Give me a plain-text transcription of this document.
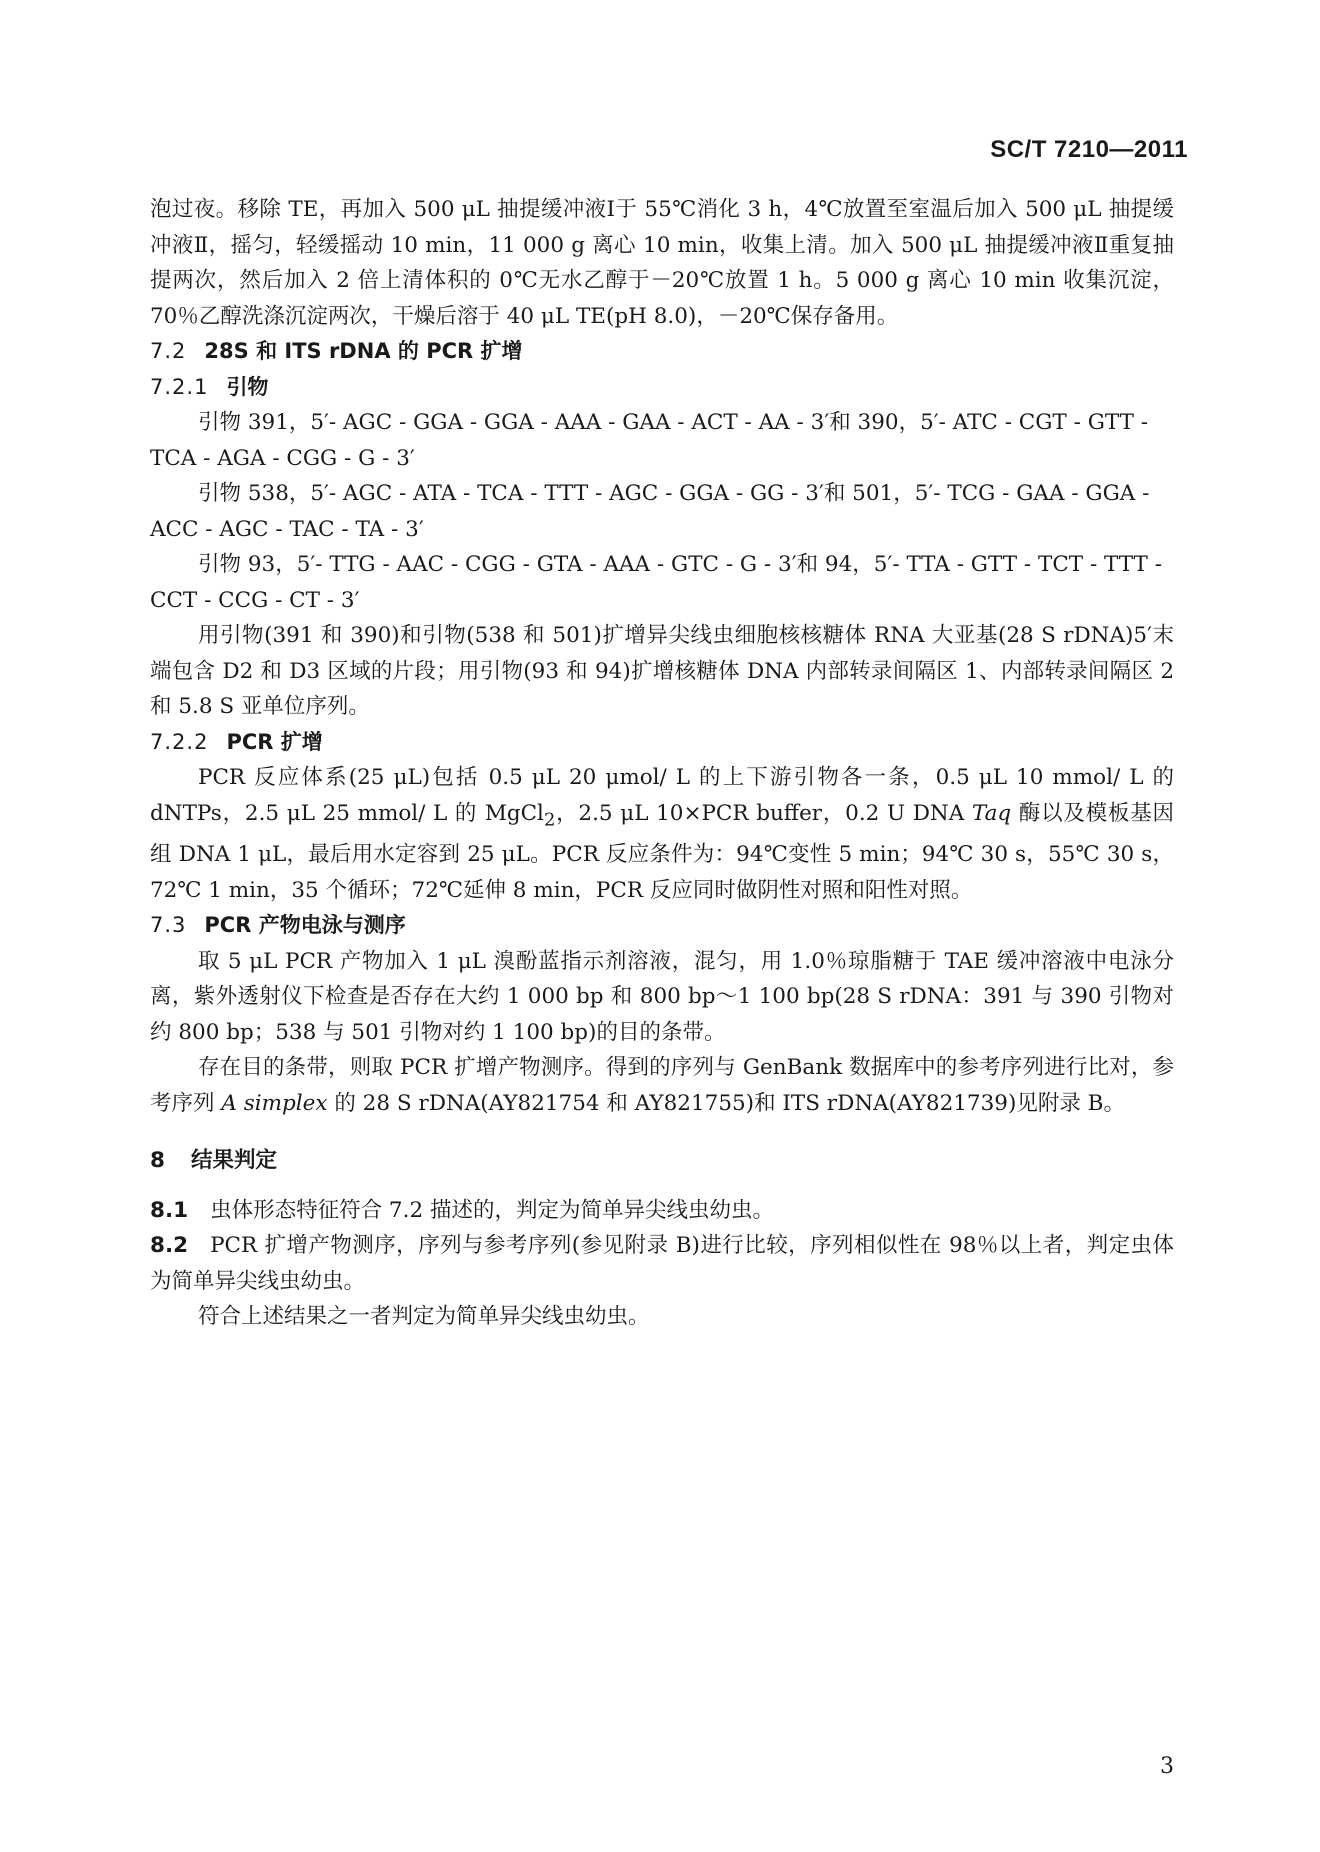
SC/T 7210—2011

泡过夜。移除 TE，再加入 500 μL 抽提缓冲液Ⅰ于 55℃消化 3 h，4℃放置至室温后加入 500 μL 抽提缓冲液Ⅱ，摇匀，轻缓摇动 10 min，11 000 g 离心 10 min，收集上清。加入 500 μL 抽提缓冲液Ⅱ重复抽提两次，然后加入 2 倍上清体积的 0℃无水乙醇于－20℃放置 1 h。5 000 g 离心 10 min 收集沉淀，70％乙醇洗涤沉淀两次，干燥后溶于 40 μL TE(pH 8.0)，－20℃保存备用。

7.2 28S 和 ITS rDNA 的 PCR 扩增
7.2.1 引物

引物 391，5′- AGC - GGA - GGA - AAA - GAA - ACT - AA - 3′和 390，5′- ATC - CGT - GTT -

TCA - AGA - CGG - G - 3′

引物 538，5′- AGC - ATA - TCA - TTT - AGC - GGA - GG - 3′和 501，5′- TCG - GAA - GGA -

ACC - AGC - TAC - TA - 3′

引物 93，5′- TTG - AAC - CGG - GTA - AAA - GTC - G - 3′和 94，5′- TTA - GTT - TCT - TTT -

CCT - CCG - CT - 3′

用引物(391 和 390)和引物(538 和 501)扩增异尖线虫细胞核核糖体 RNA 大亚基(28 S rDNA)5′末端包含 D2 和 D3 区域的片段；用引物(93 和 94)扩增核糖体 DNA 内部转录间隔区 1、内部转录间隔区 2 和 5.8 S 亚单位序列。

7.2.2 PCR 扩增

PCR 反应体系(25 μL)包括 0.5 μL 20 μmol/ L 的上下游引物各一条，0.5 μL 10 mmol/ L 的 dNTPs，2.5 μL 25 mmol/ L 的 MgCl$_2$，2.5 μL 10×PCR buffer，0.2 U DNA Taq 酶以及模板基因组 DNA 1 μL，最后用水定容到 25 μL。PCR 反应条件为：94℃变性 5 min；94℃ 30 s，55℃ 30 s，72℃ 1 min，35 个循环；72℃延伸 8 min，PCR 反应同时做阴性对照和阳性对照。

7.3 PCR 产物电泳与测序

取 5 μL PCR 产物加入 1 μL 溴酚蓝指示剂溶液，混匀，用 1.0％琼脂糖于 TAE 缓冲溶液中电泳分离，紫外透射仪下检查是否存在大约 1 000 bp 和 800 bp～1 100 bp(28 S rDNA：391 与 390 引物对约 800 bp；538 与 501 引物对约 1 100 bp)的目的条带。

存在目的条带，则取 PCR 扩增产物测序。得到的序列与 GenBank 数据库中的参考序列进行比对，参考序列 A simplex 的 28 S rDNA(AY821754 和 AY821755)和 ITS rDNA(AY821739)见附录 B。

8 结果判定

8.1 虫体形态特征符合 7.2 描述的，判定为简单异尖线虫幼虫。

8.2 PCR 扩增产物测序，序列与参考序列(参见附录 B)进行比较，序列相似性在 98％以上者，判定虫体为简单异尖线虫幼虫。

符合上述结果之一者判定为简单异尖线虫幼虫。

3
